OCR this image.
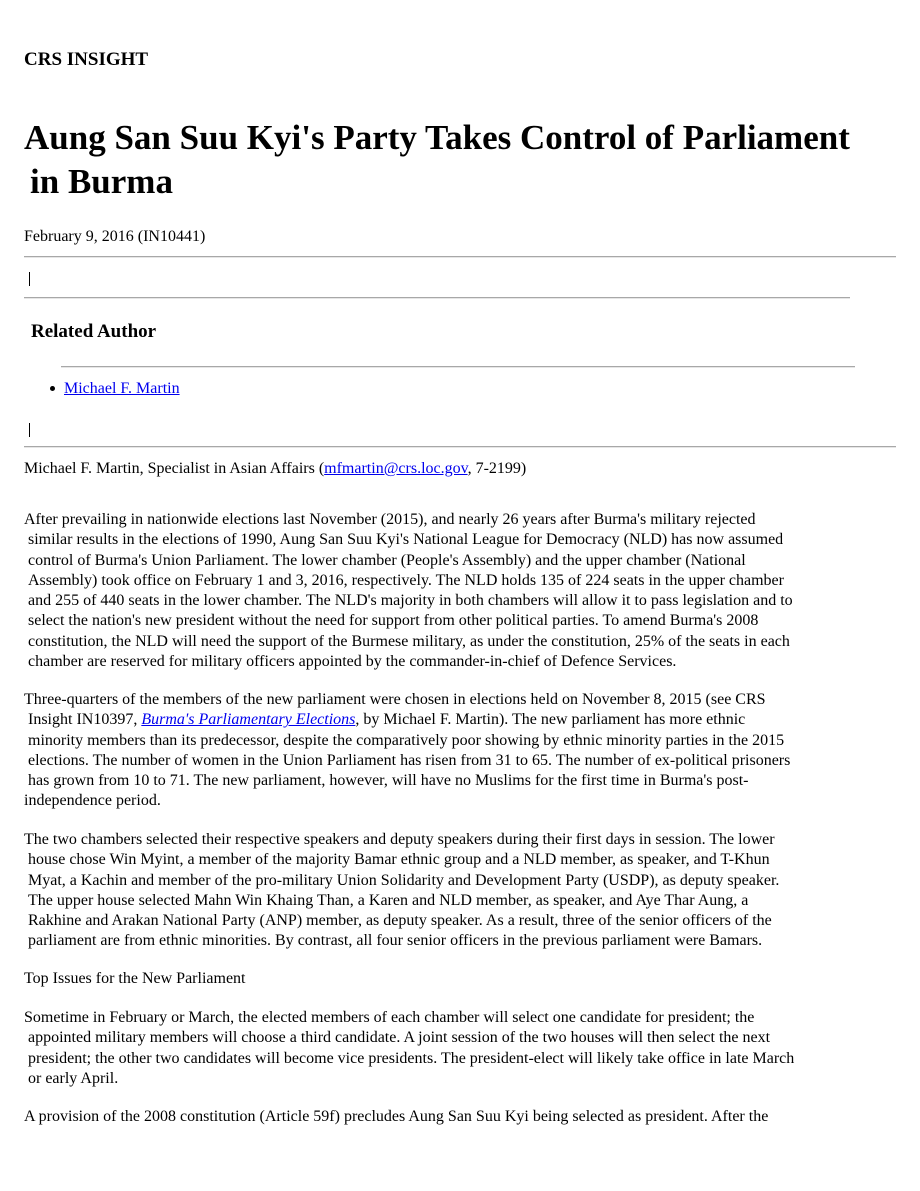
CRS INSIGHT
Aung San Suu Kyi's Party Takes Control of Parliament
in Burma
February 9, 2016 (IN10441)
Related Author
Michael F. Martin
Michael F. Martin, Specialist in Asian Affairs (mfmartin@crs.loc.gov, 7-2199)
After prevailing in nationwide elections last November (2015), and nearly 26 years after Burma's military rejected
similar results in the elections of 1990, Aung San Suu Kyi's National League for Democracy (NLD) has now assumed
control of Burma's Union Parliament. The lower chamber (People's Assembly) and the upper chamber (National
Assembly) took office on February 1 and 3, 2016, respectively. The NLD holds 135 of 224 seats in the upper chamber
and 255 of 440 seats in the lower chamber. The NLD's majority in both chambers will allow it to pass legislation and to
select the nation's new president without the need for support from other political parties. To amend Burma's 2008
constitution, the NLD will need the support of the Burmese military, as under the constitution, 25% of the seats in each
chamber are reserved for military officers appointed by the commander-in-chief of Defence Services.
Three-quarters of the members of the new parliament were chosen in elections held on November 8, 2015 (see CRS
Insight IN10397, Burma's Parliamentary Elections, by Michael F. Martin). The new parliament has more ethnic
minority members than its predecessor, despite the comparatively poor showing by ethnic minority parties in the 2015
elections. The number of women in the Union Parliament has risen from 31 to 65. The number of ex-political prisoners
has grown from 10 to 71. The new parliament, however, will have no Muslims for the first time in Burma's post-
independence period.
The two chambers selected their respective speakers and deputy speakers during their first days in session. The lower
house chose Win Myint, a member of the majority Bamar ethnic group and a NLD member, as speaker, and T-Khun
Myat, a Kachin and member of the pro-military Union Solidarity and Development Party (USDP), as deputy speaker.
The upper house selected Mahn Win Khaing Than, a Karen and NLD member, as speaker, and Aye Thar Aung, a
Rakhine and Arakan National Party (ANP) member, as deputy speaker. As a result, three of the senior officers of the
parliament are from ethnic minorities. By contrast, all four senior officers in the previous parliament were Bamars.
Top Issues for the New Parliament
Sometime in February or March, the elected members of each chamber will select one candidate for president; the
appointed military members will choose a third candidate. A joint session of the two houses will then select the next
president; the other two candidates will become vice presidents. The president-elect will likely take office in late March
or early April.
A provision of the 2008 constitution (Article 59f) precludes Aung San Suu Kyi being selected as president. After the
